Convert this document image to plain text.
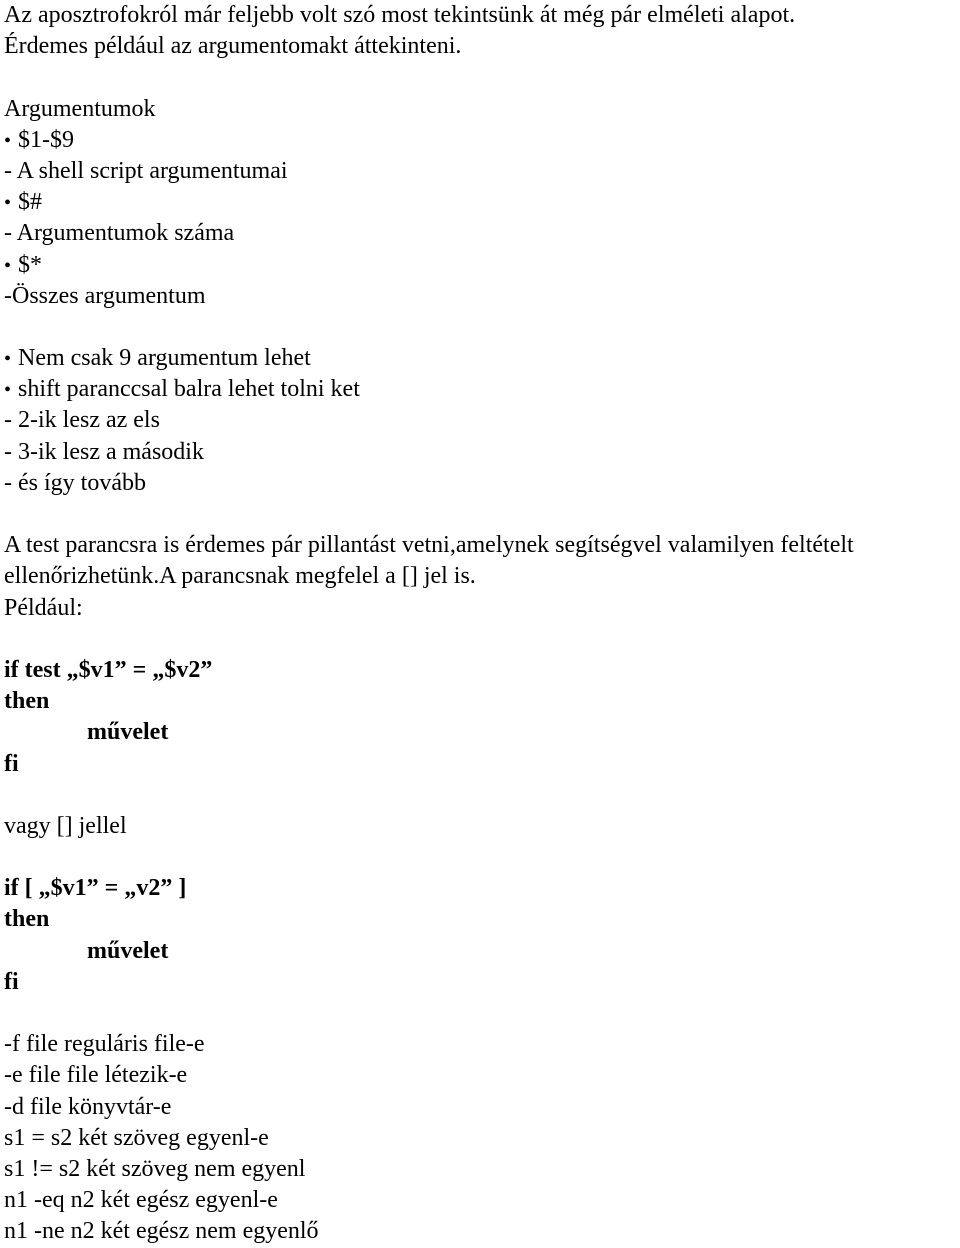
Az aposztrofokról már feljebb volt szó most tekintsünk át még pár elméleti alapot.
Érdemes például az argumentomakt áttekinteni.
Argumentumok
• $1-$9
- A shell script argumentumai
• $#
- Argumentumok száma
• $*
-Összes argumentum
• Nem csak 9 argumentum lehet
• shift paranccsal balra lehet tolni ket
- 2-ik lesz az els
- 3-ik lesz a második
- és így tovább
A test parancsra is érdemes pár pillantást vetni,amelynek segítségvel valamilyen feltételt
ellenőrizhetünk.A parancsnak megfelel a [] jel is.
Például:
if test „$v1” = „$v2”
then
művelet
fi
vagy [] jellel
if [ „$v1” = „v2” ]
then
művelet
fi
-f file reguláris file-e
-e file file létezik-e
-d file könyvtár-e
s1 = s2 két szöveg egyenl-e
s1 != s2 két szöveg nem egyenl
n1 -eq n2 két egész egyenl-e
n1 -ne n2 két egész nem egyenlő
